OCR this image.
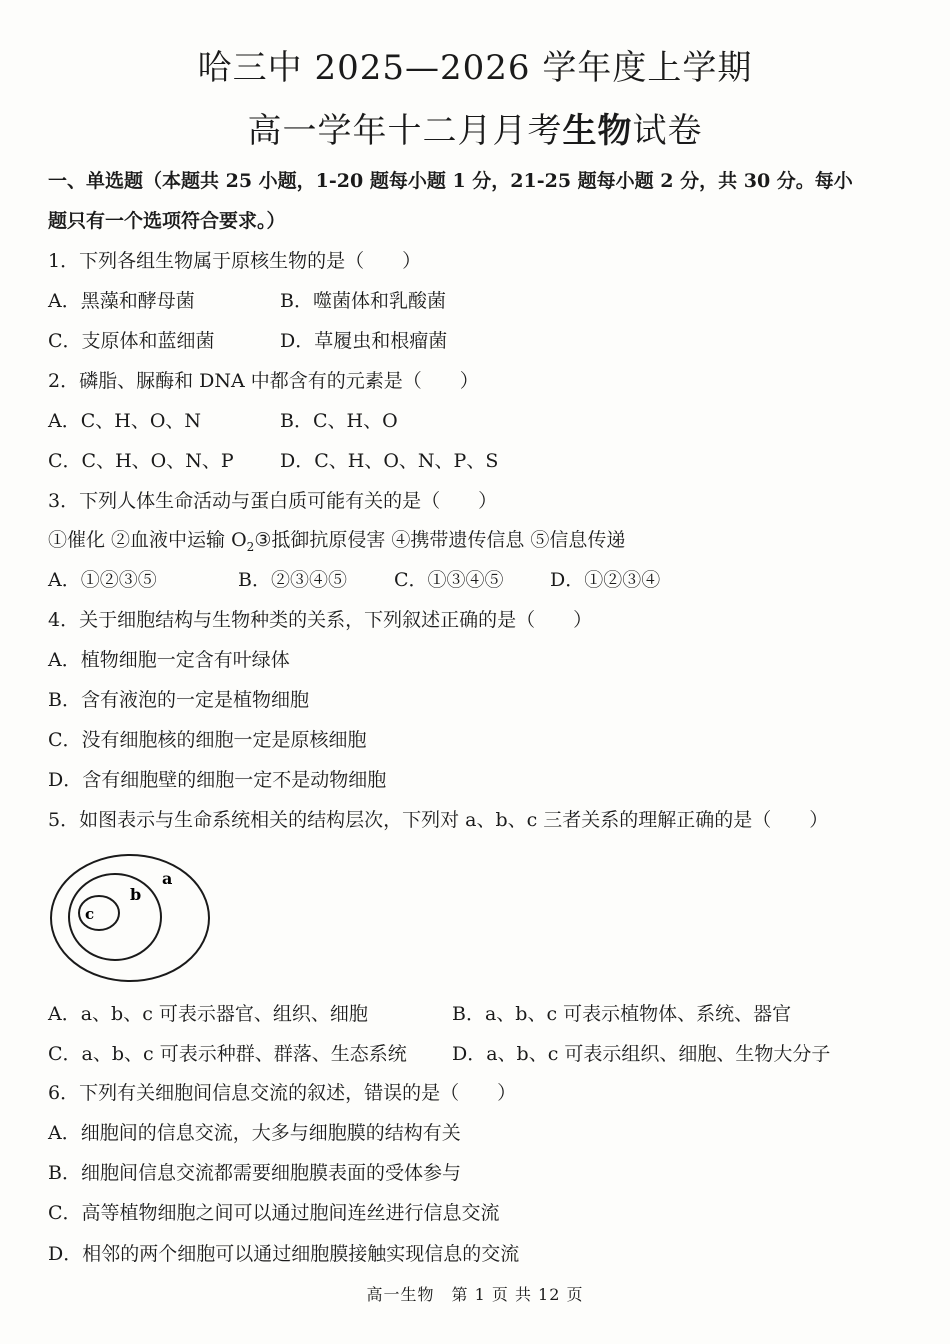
哈三中 2025—2026 学年度上学期
高一学年十二月月考生物试卷
一、单选题（本题共 25 小题，1-20 题每小题 1 分，21-25 题每小题 2 分，共 30 分。每小
题只有一个选项符合要求。）
1．下列各组生物属于原核生物的是（　　）
A．黑藻和酵母菌	B．噬菌体和乳酸菌
C．支原体和蓝细菌	D．草履虫和根瘤菌
2．磷脂、脲酶和 DNA 中都含有的元素是（　　）
A．C、H、O、N	B．C、H、O
C．C、H、O、N、P D．C、H、O、N、P、S
3．下列人体生命活动与蛋白质可能有关的是（　　）
①催化 ②血液中运输 $O_2③$抵御抗原侵害 ④携带遗传信息 ⑤信息传递
A．①②③⑤	B．②③④⑤ C．①③④⑤ D．①②③④
4．关于细胞结构与生物种类的关系，下列叙述正确的是（　　）
A．植物细胞一定含有叶绿体
B．含有液泡的一定是植物细胞
C．没有细胞核的细胞一定是原核细胞
D．含有细胞壁的细胞一定不是动物细胞
5．如图表示与生命系统相关的结构层次，下列对 a、b、c 三者关系的理解正确的是（　　）
a
b
c
A．a、b、c 可表示器官、组织、细胞	B．a、b、c 可表示植物体、系统、器官
C．a、b、c 可表示种群、群落、生态系统 D．a、b、c 可表示组织、细胞、生物大分子
6．下列有关细胞间信息交流的叙述，错误的是（　　）
A．细胞间的信息交流，大多与细胞膜的结构有关
B．细胞间信息交流都需要细胞膜表面的受体参与
C．高等植物细胞之间可以通过胞间连丝进行信息交流
D．相邻的两个细胞可以通过细胞膜接触实现信息的交流
高一生物　第 1 页 共 12 页
